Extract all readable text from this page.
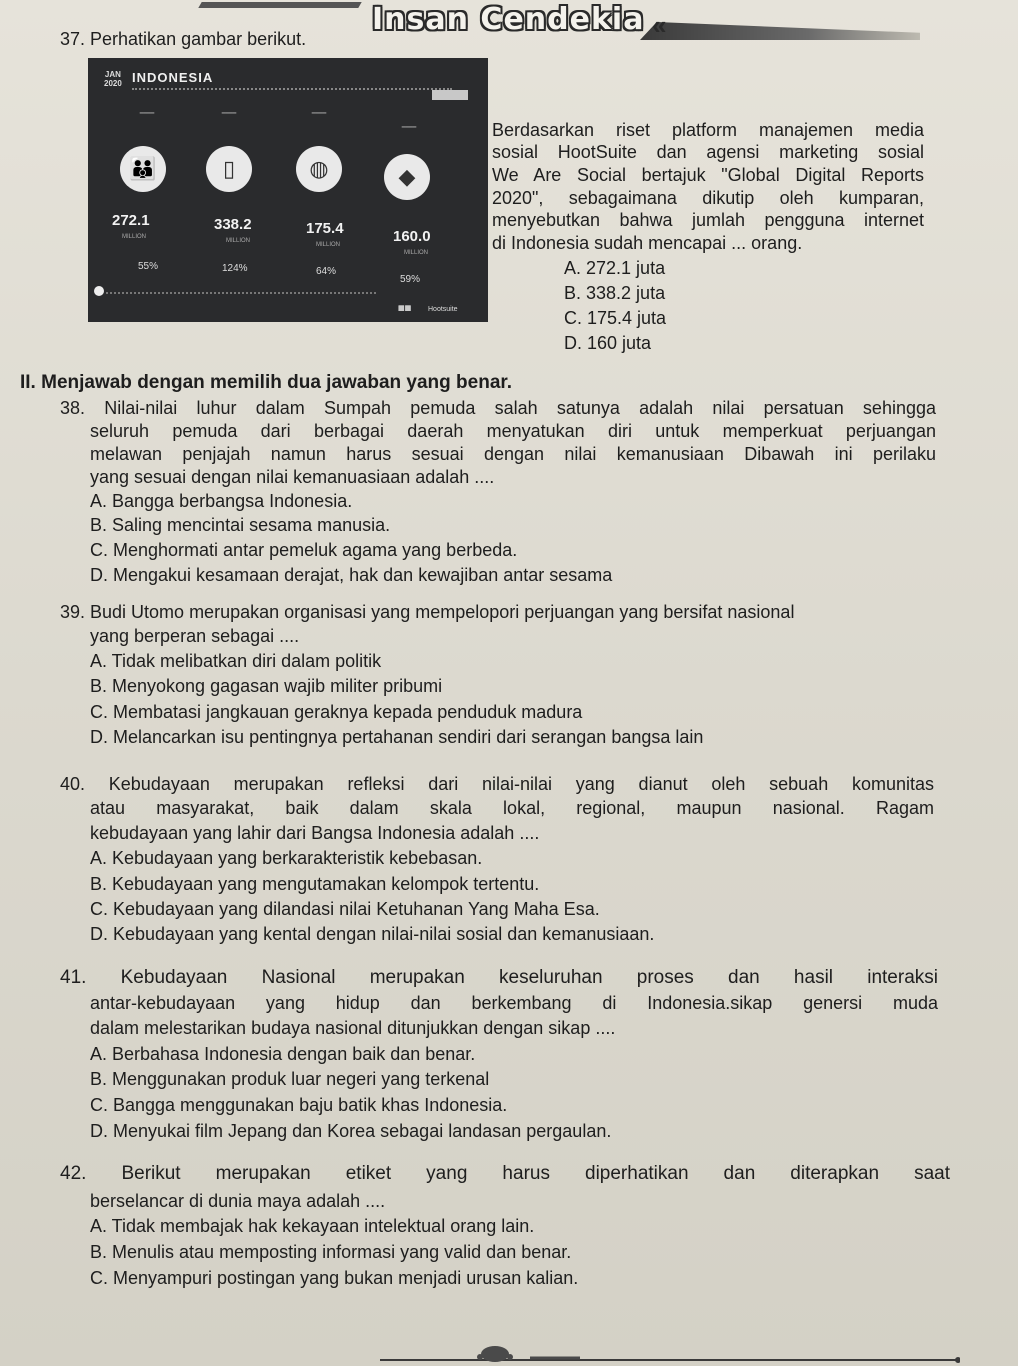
Insan Cendekia «
37. Perhatikan gambar berikut.
JAN
2020 INDONESIA
━━━━	━━━━	━━━━
━━━━
👪	▯	◍	◆
272.1	338.2	175.4	160.0
MILLION
MILLION
MILLION
MILLION
55%	124%	64%
59%
▦▦ Hootsuite
Berdasarkan riset platform manajemen media
sosial HootSuite dan agensi marketing sosial
We Are Social bertajuk "Global Digital Reports
2020", sebagaimana dikutip oleh kumparan,
menyebutkan bahwa jumlah pengguna internet
di Indonesia sudah mencapai ... orang.
A. 272.1 juta
B. 338.2 juta
C. 175.4 juta
D. 160 juta
II. Menjawab dengan memilih dua jawaban yang benar.
38. Nilai-nilai luhur dalam Sumpah pemuda salah satunya adalah nilai persatuan sehingga
seluruh pemuda dari berbagai daerah menyatukan diri untuk memperkuat perjuangan
melawan penjajah namun harus sesuai dengan nilai kemanusiaan Dibawah ini perilaku
yang sesuai dengan nilai kemanuasiaan adalah ....
A. Bangga berbangsa Indonesia.
B. Saling mencintai sesama manusia.
C. Menghormati antar pemeluk agama yang berbeda.
D. Mengakui kesamaan derajat, hak dan kewajiban antar sesama
39. Budi Utomo merupakan organisasi yang mempelopori perjuangan yang bersifat nasional
yang berperan sebagai ....
A. Tidak melibatkan diri dalam politik
B. Menyokong gagasan wajib militer pribumi
C. Membatasi jangkauan geraknya kepada penduduk madura
D. Melancarkan isu pentingnya pertahanan sendiri dari serangan bangsa lain
40. Kebudayaan merupakan refleksi dari nilai-nilai yang dianut oleh sebuah komunitas
atau masyarakat, baik dalam skala lokal, regional, maupun nasional. Ragam
kebudayaan yang lahir dari Bangsa Indonesia adalah ....
A. Kebudayaan yang berkarakteristik kebebasan.
B. Kebudayaan yang mengutamakan kelompok tertentu.
C. Kebudayaan yang dilandasi nilai Ketuhanan Yang Maha Esa.
D. Kebudayaan yang kental dengan nilai-nilai sosial dan kemanusiaan.
41. Kebudayaan Nasional merupakan keseluruhan proses dan hasil interaksi
antar-kebudayaan yang hidup dan berkembang di Indonesia.sikap genersi muda
dalam melestarikan budaya nasional ditunjukkan dengan sikap ....
A. Berbahasa Indonesia dengan baik dan benar.
B. Menggunakan produk luar negeri yang terkenal
C. Bangga menggunakan baju batik khas Indonesia.
D. Menyukai film Jepang dan Korea sebagai landasan pergaulan.
42. Berikut merupakan etiket yang harus diperhatikan dan diterapkan saat
berselancar di dunia maya adalah ....
A. Tidak membajak hak kekayaan intelektual orang lain.
B. Menulis atau memposting informasi yang valid dan benar.
C. Menyampuri postingan yang bukan menjadi urusan kalian.
